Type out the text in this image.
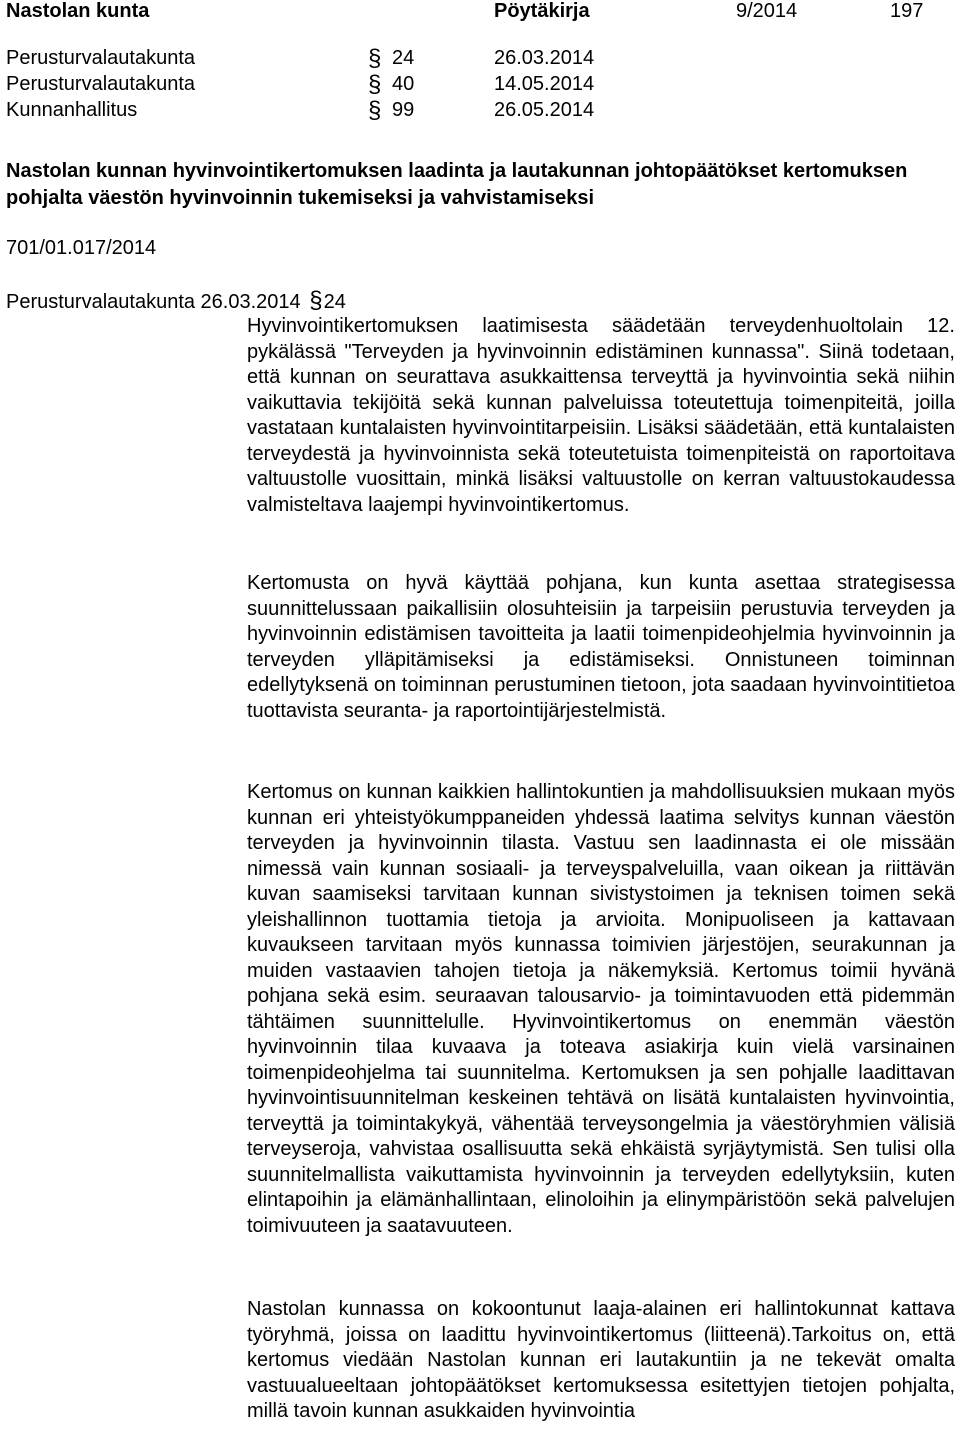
Nastolan kunta	Pöytäkirja	9/2014	197
Perusturvalautakunta	§ 24	26.03.2014
Perusturvalautakunta	§ 40	14.05.2014
Kunnanhallitus	§ 99	26.05.2014
Nastolan kunnan hyvinvointikertomuksen laadinta ja lautakunnan johtopäätökset kertomuksen pohjalta väestön hyvinvoinnin tukemiseksi ja vahvistamiseksi
701/01.017/2014
Perusturvalautakunta 26.03.2014 §24
Hyvinvointikertomuksen laatimisesta säädetään terveydenhuoltolain 12. pykälässä "Terveyden ja hyvinvoinnin edistäminen kunnassa". Siinä todetaan, että kunnan on seurattava asukkaittensa terveyttä ja hyvinvointia sekä niihin vaikuttavia tekijöitä sekä kunnan palveluissa toteutettuja toimenpiteitä, joilla vastataan kuntalaisten hyvinvointitarpeisiin. Lisäksi säädetään, että kuntalaisten terveydestä ja hyvinvoinnista sekä toteutetuista toimenpiteistä on raportoitava valtuustolle vuosittain, minkä lisäksi valtuustolle on kerran valtuustokaudessa valmisteltava laajempi hyvinvointikertomus.
Kertomusta on hyvä käyttää pohjana, kun kunta asettaa strategisessa suunnittelussaan paikallisiin olosuhteisiin ja tarpeisiin perustuvia terveyden ja hyvinvoinnin edistämisen tavoitteita ja laatii toimenpideohjelmia hyvinvoinnin ja terveyden ylläpitämiseksi ja edistämiseksi. Onnistuneen toiminnan edellytyksenä on toiminnan perustuminen tietoon, jota saadaan hyvinvointitietoa tuottavista seuranta- ja raportointijärjestelmistä.
Kertomus on kunnan kaikkien hallintokuntien ja mahdollisuuksien mukaan myös kunnan eri yhteistyökumppaneiden yhdessä laatima selvitys kunnan väestön terveyden ja hyvinvoinnin tilasta. Vastuu sen laadinnasta ei ole missään nimessä vain kunnan sosiaali- ja terveyspalveluilla, vaan oikean ja riittävän kuvan saamiseksi tarvitaan kunnan sivistystoimen ja teknisen toimen sekä yleishallinnon tuottamia tietoja ja arvioita. Monipuoliseen ja kattavaan kuvaukseen tarvitaan myös kunnassa toimivien järjestöjen, seurakunnan ja muiden vastaavien tahojen tietoja ja näkemyksiä. Kertomus toimii hyvänä pohjana sekä esim. seuraavan talousarvio- ja toimintavuoden että pidemmän tähtäimen suunnittelulle. Hyvinvointikertomus on enemmän väestön hyvinvoinnin tilaa kuvaava ja toteava asiakirja kuin vielä varsinainen toimenpideohjelma tai suunnitelma. Kertomuksen ja sen pohjalle laadittavan hyvinvointisuunnitelman keskeinen tehtävä on lisätä kuntalaisten hyvinvointia, terveyttä ja toimintakykyä, vähentää terveysongelmia ja väestöryhmien välisiä terveyseroja, vahvistaa osallisuutta sekä ehkäistä syrjäytymistä. Sen tulisi olla suunnitelmallista vaikuttamista hyvinvoinnin ja terveyden edellytyksiin, kuten elintapoihin ja elämänhallintaan, elinoloihin ja elinympäristöön sekä palvelujen toimivuuteen ja saatavuuteen.
Nastolan kunnassa on kokoontunut laaja-alainen eri hallintokunnat kattava työryhmä, joissa on laadittu hyvinvointikertomus (liitteenä).Tarkoitus on, että kertomus viedään Nastolan kunnan eri lautakuntiin ja ne tekevät omalta vastuualueeltaan johtopäätökset kertomuksessa esitettyjen tietojen pohjalta, millä tavoin kunnan asukkaiden hyvinvointia
